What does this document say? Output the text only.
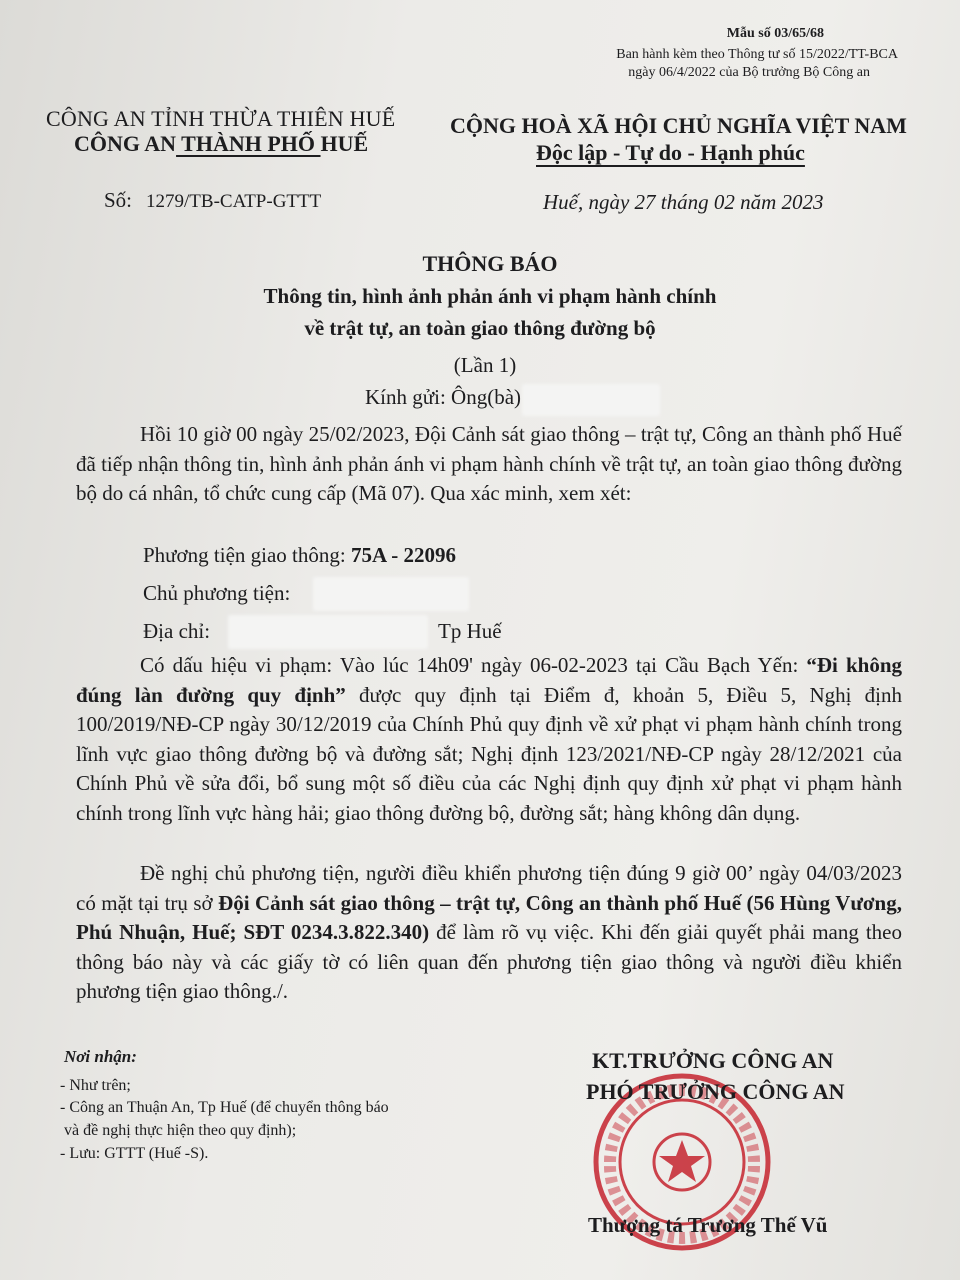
Mẫu số 03/65/68
Ban hành kèm theo Thông tư số 15/2022/TT-BCA
ngày 06/4/2022 của Bộ trưởng Bộ Công an
CÔNG AN TỈNH THỪA THIÊN HUẾ
CÔNG AN THÀNH PHỐ HUẾ
CỘNG HOÀ XÃ HỘI CHỦ NGHĨA VIỆT NAM
Độc lập - Tự do - Hạnh phúc
Số: 1279/TB-CATP-GTTT	Huế, ngày 27 tháng 02 năm 2023
THÔNG BÁO
Thông tin, hình ảnh phản ánh vi phạm hành chính
về trật tự, an toàn giao thông đường bộ
(Lần 1)
Kính gửi: Ông(bà)
Hồi 10 giờ 00 ngày 25/02/2023, Đội Cảnh sát giao thông – trật tự, Công an thành phố Huế đã tiếp nhận thông tin, hình ảnh phản ánh vi phạm hành chính về trật tự, an toàn giao thông đường bộ do cá nhân, tổ chức cung cấp (Mã 07). Qua xác minh, xem xét:
Phương tiện giao thông: 75A - 22096
Chủ phương tiện:
Địa chỉ:	Tp Huế
Có dấu hiệu vi phạm: Vào lúc 14h09' ngày 06-02-2023 tại Cầu Bạch Yến: “Đi không đúng làn đường quy định” được quy định tại Điểm đ, khoản 5, Điều 5, Nghị định 100/2019/NĐ-CP ngày 30/12/2019 của Chính Phủ quy định về xử phạt vi phạm hành chính trong lĩnh vực giao thông đường bộ và đường sắt; Nghị định 123/2021/NĐ-CP ngày 28/12/2021 của Chính Phủ về sửa đổi, bổ sung một số điều của các Nghị định quy định xử phạt vi phạm hành chính trong lĩnh vực hàng hải; giao thông đường bộ, đường sắt; hàng không dân dụng.
Đề nghị chủ phương tiện, người điều khiển phương tiện đúng 9 giờ 00’ ngày 04/03/2023 có mặt tại trụ sở Đội Cảnh sát giao thông – trật tự, Công an thành phố Huế (56 Hùng Vương, Phú Nhuận, Huế; SĐT 0234.3.822.340) để làm rõ vụ việc. Khi đến giải quyết phải mang theo thông báo này và các giấy tờ có liên quan đến phương tiện giao thông và người điều khiển phương tiện giao thông./.
Nơi nhận:
- Như trên;
- Công an Thuận An, Tp Huế (để chuyển thông báo
và đề nghị thực hiện theo quy định);
- Lưu: GTTT (Huế -S).
KT.TRƯỞNG CÔNG AN
PHÓ TRƯỞNG CÔNG AN
Thượng tá Trương Thế Vũ
